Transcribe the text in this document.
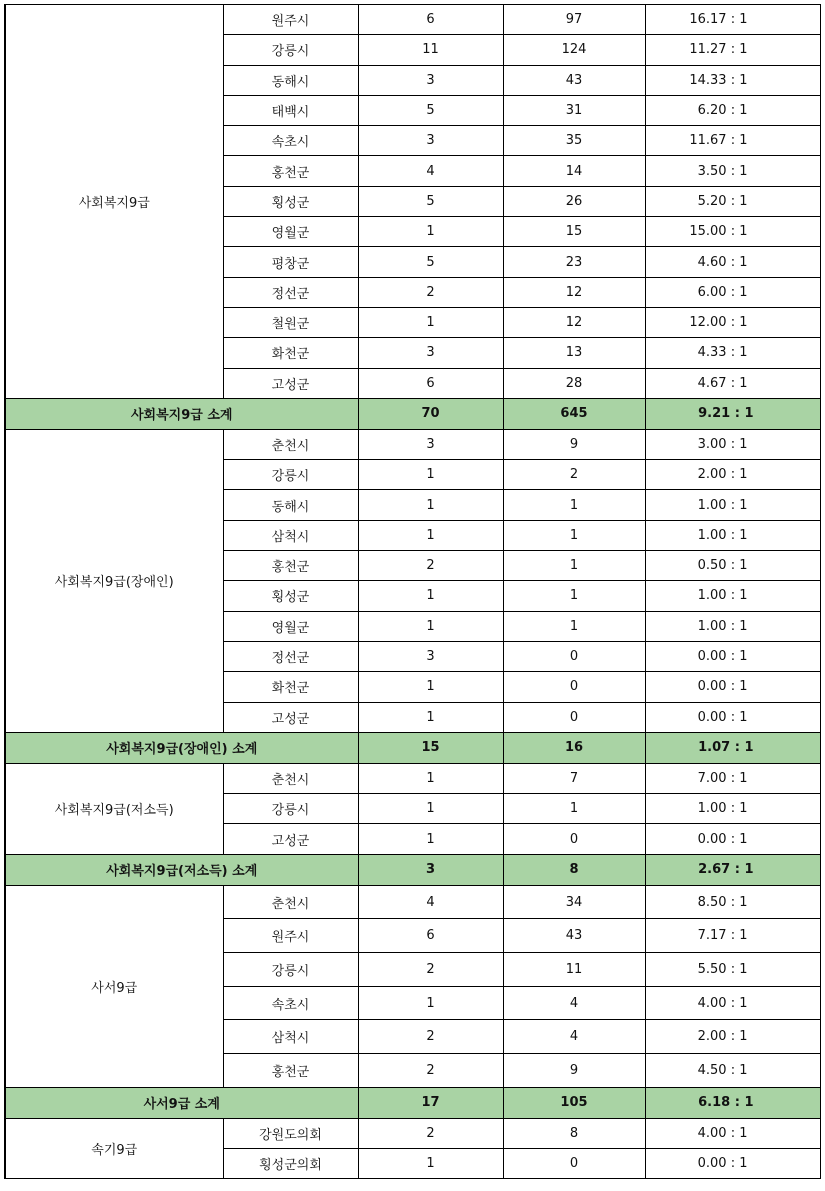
사회복지9급	원주시	6	97	16.17 : 1
	강릉시	11	124	11.27 : 1
	동해시	3	43	14.33 : 1
	태백시	5	31	6.20 : 1
	속초시	3	35	11.67 : 1
	홍천군	4	14	3.50 : 1
	횡성군	5	26	5.20 : 1
	영월군	1	15	15.00 : 1
	평창군	5	23	4.60 : 1
	정선군	2	12	6.00 : 1
	철원군	1	12	12.00 : 1
	화천군	3	13	4.33 : 1
	고성군	6	28	4.67 : 1
사회복지9급 소계		70	645	9.21 : 1
사회복지9급(장애인)	춘천시	3	9	3.00 : 1
	강릉시	1	2	2.00 : 1
	동해시	1	1	1.00 : 1
	삼척시	1	1	1.00 : 1
	홍천군	2	1	0.50 : 1
	횡성군	1	1	1.00 : 1
	영월군	1	1	1.00 : 1
	정선군	3	0	0.00 : 1
	화천군	1	0	0.00 : 1
	고성군	1	0	0.00 : 1
사회복지9급(장애인) 소계		15	16	1.07 : 1
사회복지9급(저소득)	춘천시	1	7	7.00 : 1
	강릉시	1	1	1.00 : 1
	고성군	1	0	0.00 : 1
사회복지9급(저소득) 소계		3	8	2.67 : 1
사서9급	춘천시	4	34	8.50 : 1
	원주시	6	43	7.17 : 1
	강릉시	2	11	5.50 : 1
	속초시	1	4	4.00 : 1
	삼척시	2	4	2.00 : 1
	홍천군	2	9	4.50 : 1
사서9급 소계		17	105	6.18 : 1
속기9급	강원도의회	2	8	4.00 : 1
	횡성군의회	1	0	0.00 : 1
